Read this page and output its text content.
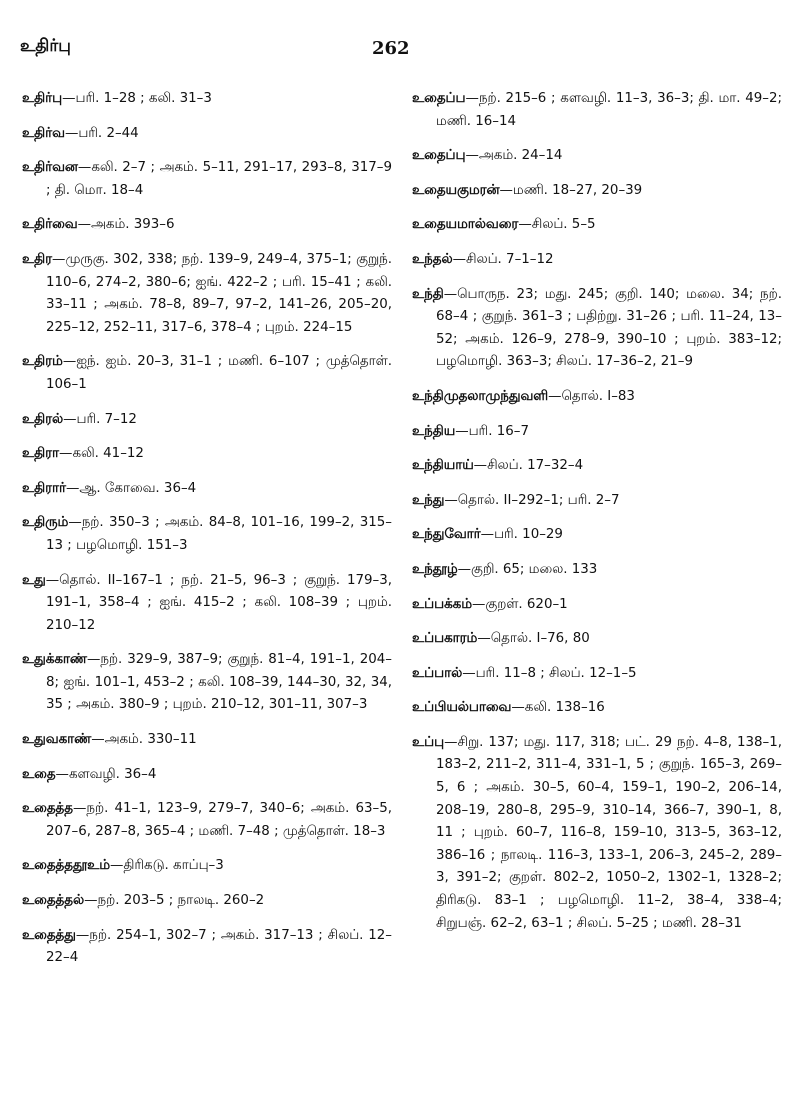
உதிர்பு	262

உதிர்பு—பரி. 1–28 ; கலி. 31–3

உதிர்வ—பரி. 2–44

உதிர்வன—கலி. 2–7 ; அகம். 5–11, 291–17, 293–8, 317–9 ; தி. மொ. 18–4

உதிர்வை—அகம். 393–6

உதிர—முருகு. 302, 338; நற். 139–9, 249–4, 375–1; குறுந். 110–6, 274–2, 380–6; ஐங். 422–2 ; பரி. 15–41 ; கலி. 33–11 ; அகம். 78–8, 89–7, 97–2, 141–26, 205–20, 225–12, 252–11, 317–6, 378–4 ; புறம். 224–15

உதிரம்—ஐந். ஐம். 20–3, 31–1 ; மணி. 6–107 ; முத்தொள். 106–1

உதிரல்—பரி. 7–12

உதிரா—கலி. 41–12

உதிரார்—ஆ. கோவை. 36–4

உதிரும்—நற். 350–3 ; அகம். 84–8, 101–16, 199–2, 315–13 ; பழமொழி. 151–3

உது—தொல். II–167–1 ; நற். 21–5, 96–3 ; குறுந். 179–3, 191–1, 358–4 ; ஐங். 415–2 ; கலி. 108–39 ; புறம். 210–12

உதுக்காண்—நற். 329–9, 387–9; குறுந். 81–4, 191–1, 204–8; ஐங். 101–1, 453–2 ; கலி. 108–39, 144–30, 32, 34, 35 ; அகம். 380–9 ; புறம். 210–12, 301–11, 307–3

உதுவகாண்—அகம். 330–11

உதை—களவழி. 36–4

உதைத்த—நற். 41–1, 123–9, 279–7, 340–6; அகம். 63–5, 207–6, 287–8, 365–4 ; மணி. 7–48 ; முத்தொள். 18–3

உதைத்ததூஉம்—திரிகடு. காப்பு–3

உதைத்தல்—நற். 203–5 ; நாலடி. 260–2

உதைத்து—நற். 254–1, 302–7 ; அகம். 317–13 ; சிலப். 12–22–4

உதைப்ப—நற். 215–6 ; களவழி. 11–3, 36–3; தி. மா. 49–2; மணி. 16–14

உதைப்பு—அகம். 24–14

உதையகுமரன்—மணி. 18–27, 20–39

உதையமால்வரை—சிலப். 5–5

உந்தல்—சிலப். 7–1–12

உந்தி—பொருந. 23; மது. 245; குறி. 140; மலை. 34; நற். 68–4 ; குறுந். 361–3 ; பதிற்று. 31–26 ; பரி. 11–24, 13–52; அகம். 126–9, 278–9, 390–10 ; புறம். 383–12; பழமொழி. 363–3; சிலப். 17–36–2, 21–9

உந்திமுதலாமுந்துவளி—தொல். I–83

உந்திய—பரி. 16–7

உந்தியாய்—சிலப். 17–32–4

உந்து—தொல். II–292–1; பரி. 2–7

உந்துவோர்—பரி. 10–29

உந்தூழ்—குறி. 65; மலை. 133

உப்பக்கம்—குறள். 620–1

உப்பகாரம்—தொல். I–76, 80

உப்பால்—பரி. 11–8 ; சிலப். 12–1–5

உப்பியல்பாவை—கலி. 138–16

உப்பு—சிறு. 137; மது. 117, 318; பட். 29 நற். 4–8, 138–1, 183–2, 211–2, 311–4, 331–1, 5 ; குறுந். 165–3, 269–5, 6 ; அகம். 30–5, 60–4, 159–1, 190–2, 206–14, 208–19, 280–8, 295–9, 310–14, 366–7, 390–1, 8, 11 ; புறம். 60–7, 116–8, 159–10, 313–5, 363–12, 386–16 ; நாலடி. 116–3, 133–1, 206–3, 245–2, 289–3, 391–2; குறள். 802–2, 1050–2, 1302–1, 1328–2; திரிகடு. 83–1 ; பழமொழி. 11–2, 38–4, 338–4; சிறுபஞ். 62–2, 63–1 ; சிலப். 5–25 ; மணி. 28–31
